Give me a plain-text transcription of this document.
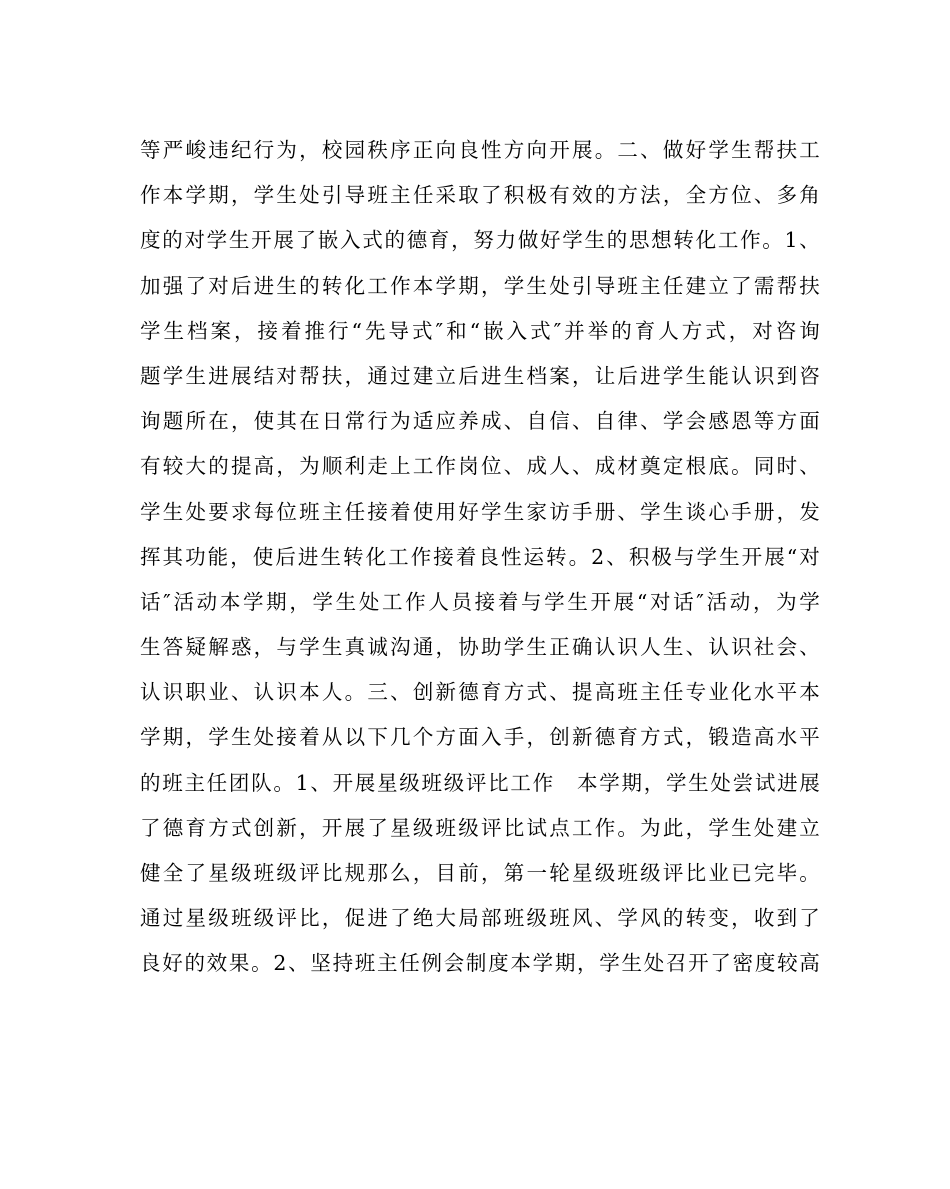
等严峻违纪行为，校园秩序正向良性方向开展。二、做好学生帮扶工
作本学期，学生处引导班主任采取了积极有效的方法，全方位、多角
度的对学生开展了嵌入式的德育，努力做好学生的思想转化工作。1、
加强了对后进生的转化工作本学期，学生处引导班主任建立了需帮扶
学生档案，接着推行“先导式″和“嵌入式″并举的育人方式，对咨询
题学生进展结对帮扶，通过建立后进生档案，让后进学生能认识到咨
询题所在，使其在日常行为适应养成、自信、自律、学会感恩等方面
有较大的提高，为顺利走上工作岗位、成人、成材奠定根底。同时、
学生处要求每位班主任接着使用好学生家访手册、学生谈心手册，发
挥其功能，使后进生转化工作接着良性运转。2、积极与学生开展“对
话″活动本学期，学生处工作人员接着与学生开展“对话″活动，为学
生答疑解惑，与学生真诚沟通，协助学生正确认识人生、认识社会、
认识职业、认识本人。三、创新德育方式、提高班主任专业化水平本
学期，学生处接着从以下几个方面入手，创新德育方式，锻造高水平
的班主任团队。1、开展星级班级评比工作　本学期，学生处尝试进展
了德育方式创新，开展了星级班级评比试点工作。为此，学生处建立
健全了星级班级评比规那么，目前，第一轮星级班级评比业已完毕。
通过星级班级评比，促进了绝大局部班级班风、学风的转变，收到了
良好的效果。2、坚持班主任例会制度本学期，学生处召开了密度较高
